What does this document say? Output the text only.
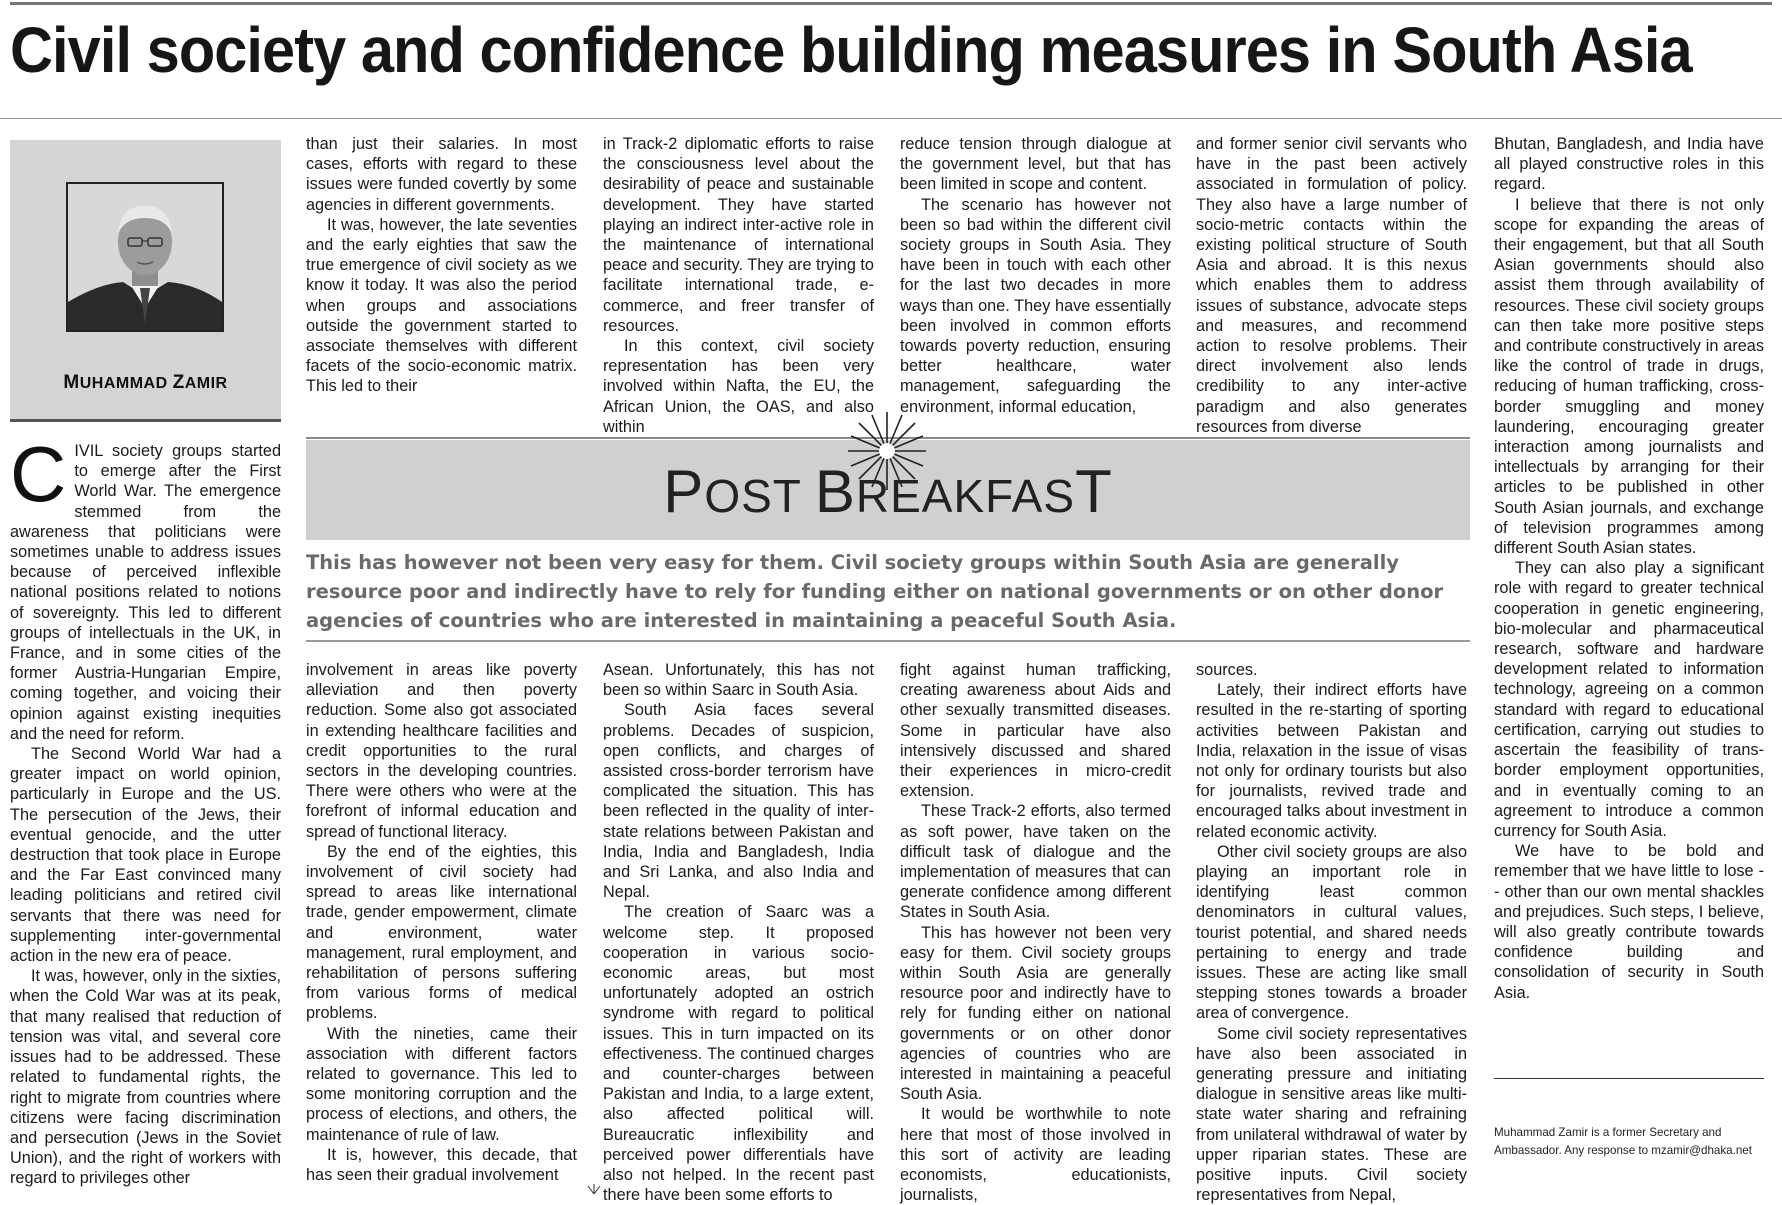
Civil society and confidence building measures in South Asia
MUHAMMAD ZAMIR

CIVIL society groups started to emerge after the First World War. The emergence stemmed from the awareness that politicians were sometimes unable to address issues because of perceived inflexible national positions related to notions of sovereignty. This led to different groups of intellectuals in the UK, in France, and in some cities of the former Austria-Hungarian Empire, coming together, and voicing their opinion against existing inequities and the need for reform.

The Second World War had a greater impact on world opinion, particularly in Europe and the US. The persecution of the Jews, their eventual genocide, and the utter destruction that took place in Europe and the Far East convinced many leading politicians and retired civil servants that there was need for supplementing inter-governmental action in the new era of peace.

It was, however, only in the sixties, when the Cold War was at its peak, that many realised that reduction of tension was vital, and several core issues had to be addressed. These related to fundamental rights, the right to migrate from countries where citizens were facing discrimination and persecution (Jews in the Soviet Union), and the right of workers with regard to privileges other

than just their salaries. In most cases, efforts with regard to these issues were funded covertly by some agencies in different governments.

It was, however, the late seventies and the early eighties that saw the true emergence of civil society as we know it today. It was also the period when groups and associations outside the government started to associate themselves with different facets of the socio-economic matrix. This led to their

in Track-2 diplomatic efforts to raise the consciousness level about the desirability of peace and sustainable development. They have started playing an indirect inter-active role in the maintenance of international peace and security. They are trying to facilitate international trade, e-commerce, and freer transfer of resources.

In this context, civil society representation has been very involved within Nafta, the EU, the African Union, the OAS, and also within

reduce tension through dialogue at the government level, but that has been limited in scope and content.

The scenario has however not been so bad within the different civil society groups in South Asia. They have been in touch with each other for the last two decades in more ways than one. They have essentially been involved in common efforts towards poverty reduction, ensuring better healthcare, water management, safeguarding the environment, informal education,

and former senior civil servants who have in the past been actively associated in formulation of policy. They also have a large number of socio-metric contacts within the existing political structure of South Asia and abroad. It is this nexus which enables them to address issues of substance, advocate steps and measures, and recommend action to resolve problems. Their direct involvement also lends credibility to any inter-active paradigm and also generates resources from diverse

Bhutan, Bangladesh, and India have all played constructive roles in this regard.

I believe that there is not only scope for expanding the areas of their engagement, but that all South Asian governments should also assist them through availability of resources. These civil society groups can then take more positive steps and contribute constructively in areas like the control of trade in drugs, reducing of human trafficking, cross-border smuggling and money laundering, encouraging greater interaction among journalists and intellectuals by arranging for their articles to be published in other South Asian journals, and exchange of television programmes among different South Asian states.

They can also play a significant role with regard to greater technical cooperation in genetic engineering, bio-molecular and pharmaceutical research, software and hardware development related to information technology, agreeing on a common standard with regard to educational certification, carrying out studies to ascertain the feasibility of trans-border employment opportunities, and in eventually coming to an agreement to introduce a common currency for South Asia.

We have to be bold and remember that we have little to lose -- other than our own mental shackles and prejudices. Such steps, I believe, will also greatly contribute towards confidence building and consolidation of security in South Asia.

POST BREAKFAST
This has however not been very easy for them. Civil society groups within South Asia are generally resource poor and indirectly have to rely for funding either on national governments or on other donor agencies of countries who are interested in maintaining a peaceful South Asia.

involvement in areas like poverty alleviation and then poverty reduction. Some also got associated in extending healthcare facilities and credit opportunities to the rural sectors in the developing countries. There were others who were at the forefront of informal education and spread of functional literacy.

By the end of the eighties, this involvement of civil society had spread to areas like international trade, gender empowerment, climate and environment, water management, rural employment, and rehabilitation of persons suffering from various forms of medical problems.

With the nineties, came their association with different factors related to governance. This led to some monitoring corruption and the process of elections, and others, the maintenance of rule of law.

It is, however, this decade, that has seen their gradual involvement

Asean. Unfortunately, this has not been so within Saarc in South Asia.

South Asia faces several problems. Decades of suspicion, open conflicts, and charges of assisted cross-border terrorism have complicated the situation. This has been reflected in the quality of inter-state relations between Pakistan and India, India and Bangladesh, India and Sri Lanka, and also India and Nepal.

The creation of Saarc was a welcome step. It proposed cooperation in various socio-economic areas, but most unfortunately adopted an ostrich syndrome with regard to political issues. This in turn impacted on its effectiveness. The continued charges and counter-charges between Pakistan and India, to a large extent, also affected political will. Bureaucratic inflexibility and perceived power differentials have also not helped. In the recent past there have been some efforts to

fight against human trafficking, creating awareness about Aids and other sexually transmitted diseases. Some in particular have also intensively discussed and shared their experiences in micro-credit extension.

These Track-2 efforts, also termed as soft power, have taken on the difficult task of dialogue and the implementation of measures that can generate confidence among different States in South Asia.

This has however not been very easy for them. Civil society groups within South Asia are generally resource poor and indirectly have to rely for funding either on national governments or on other donor agencies of countries who are interested in maintaining a peaceful South Asia.

It would be worthwhile to note here that most of those involved in this sort of activity are leading economists, educationists, journalists,

sources.

Lately, their indirect efforts have resulted in the re-starting of sporting activities between Pakistan and India, relaxation in the issue of visas not only for ordinary tourists but also for journalists, revived trade and encouraged talks about investment in related economic activity.

Other civil society groups are also playing an important role in identifying least common denominators in cultural values, tourist potential, and shared needs pertaining to energy and trade issues. These are acting like small stepping stones towards a broader area of convergence.

Some civil society representatives have also been associated in generating pressure and initiating dialogue in sensitive areas like multi-state water sharing and refraining from unilateral withdrawal of water by upper riparian states. These are positive inputs. Civil society representatives from Nepal,

Muhammad Zamir is a former Secretary and Ambassador. Any response to mzamir@dhaka.net
